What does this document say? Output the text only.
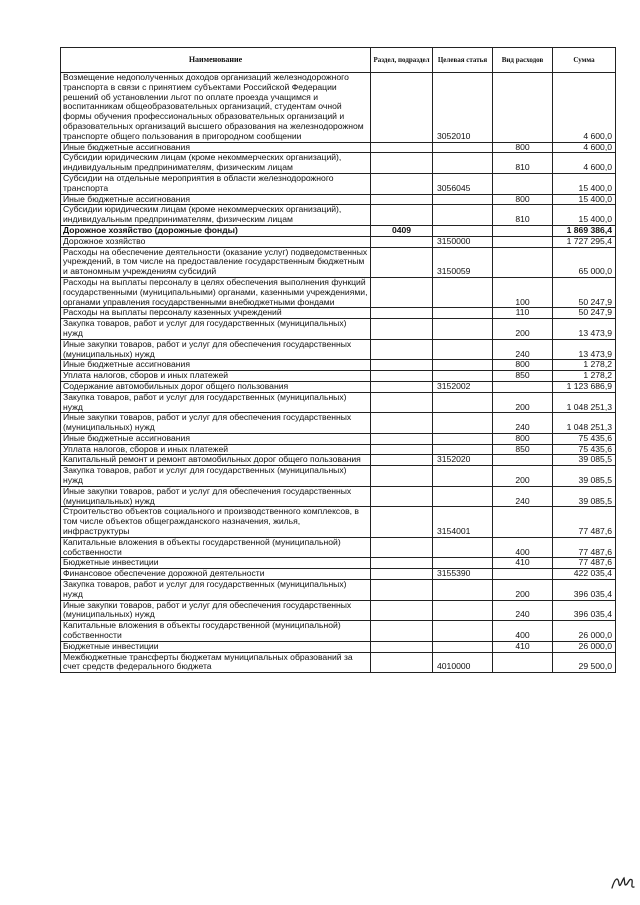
Наименование	Раздел, подраздел	Целевая статья	Вид расходов	Сумма
Возмещение недополученных доходов организаций железнодорожного транспорта в связи с принятием субъектами Российской Федерации решений об установлении льгот по оплате проезда учащимся и воспитанникам общеобразовательных организаций, студентам очной формы обучения профессиональных образовательных организаций и образовательных организаций высшего образования на железнодорожном транспорте общего пользования в пригородном сообщении		3052010		4 600,0
Иные бюджетные ассигнования			800	4 600,0
Субсидии юридическим лицам (кроме некоммерческих организаций), индивидуальным предпринимателям, физическим лицам			810	4 600,0
Субсидии на отдельные мероприятия в области железнодорожного транспорта		3056045		15 400,0
Иные бюджетные ассигнования			800	15 400,0
Субсидии юридическим лицам (кроме некоммерческих организаций), индивидуальным предпринимателям, физическим лицам			810	15 400,0
Дорожное хозяйство (дорожные фонды)	0409			1 869 386,4
Дорожное хозяйство		3150000		1 727 295,4
Расходы на обеспечение деятельности (оказание услуг) подведомственных учреждений, в том числе на предоставление государственным бюджетным и автономным учреждениям субсидий		3150059		65 000,0
Расходы на выплаты персоналу в целях обеспечения выполнения функций государственными (муниципальными) органами, казенными учреждениями, органами управления государственными внебюджетными фондами			100	50 247,9
Расходы на выплаты персоналу казенных учреждений			110	50 247,9
Закупка товаров, работ и услуг для государственных (муниципальных) нужд			200	13 473,9
Иные закупки товаров, работ и услуг для обеспечения государственных (муниципальных) нужд			240	13 473,9
Иные бюджетные ассигнования			800	1 278,2
Уплата налогов, сборов и иных платежей			850	1 278,2
Содержание автомобильных дорог общего пользования		3152002		1 123 686,9
Закупка товаров, работ и услуг для государственных (муниципальных) нужд			200	1 048 251,3
Иные закупки товаров, работ и услуг для обеспечения государственных (муниципальных) нужд			240	1 048 251,3
Иные бюджетные ассигнования			800	75 435,6
Уплата налогов, сборов и иных платежей			850	75 435,6
Капитальный ремонт и ремонт автомобильных дорог общего пользования		3152020		39 085,5
Закупка товаров, работ и услуг для государственных (муниципальных) нужд			200	39 085,5
Иные закупки товаров, работ и услуг для обеспечения государственных (муниципальных) нужд			240	39 085,5
Строительство объектов социального и производственного комплексов, в том числе объектов общегражданского назначения, жилья, инфраструктуры		3154001		77 487,6
Капитальные вложения в объекты государственной (муниципальной) собственности			400	77 487,6
Бюджетные инвестиции			410	77 487,6
Финансовое обеспечение дорожной деятельности		3155390		422 035,4
Закупка товаров, работ и услуг для государственных (муниципальных) нужд			200	396 035,4
Иные закупки товаров, работ и услуг для обеспечения государственных (муниципальных) нужд			240	396 035,4
Капитальные вложения в объекты государственной (муниципальной) собственности			400	26 000,0
Бюджетные инвестиции			410	26 000,0
Межбюджетные трансферты бюджетам муниципальных образований за счет средств федерального бюджета		4010000		29 500,0
